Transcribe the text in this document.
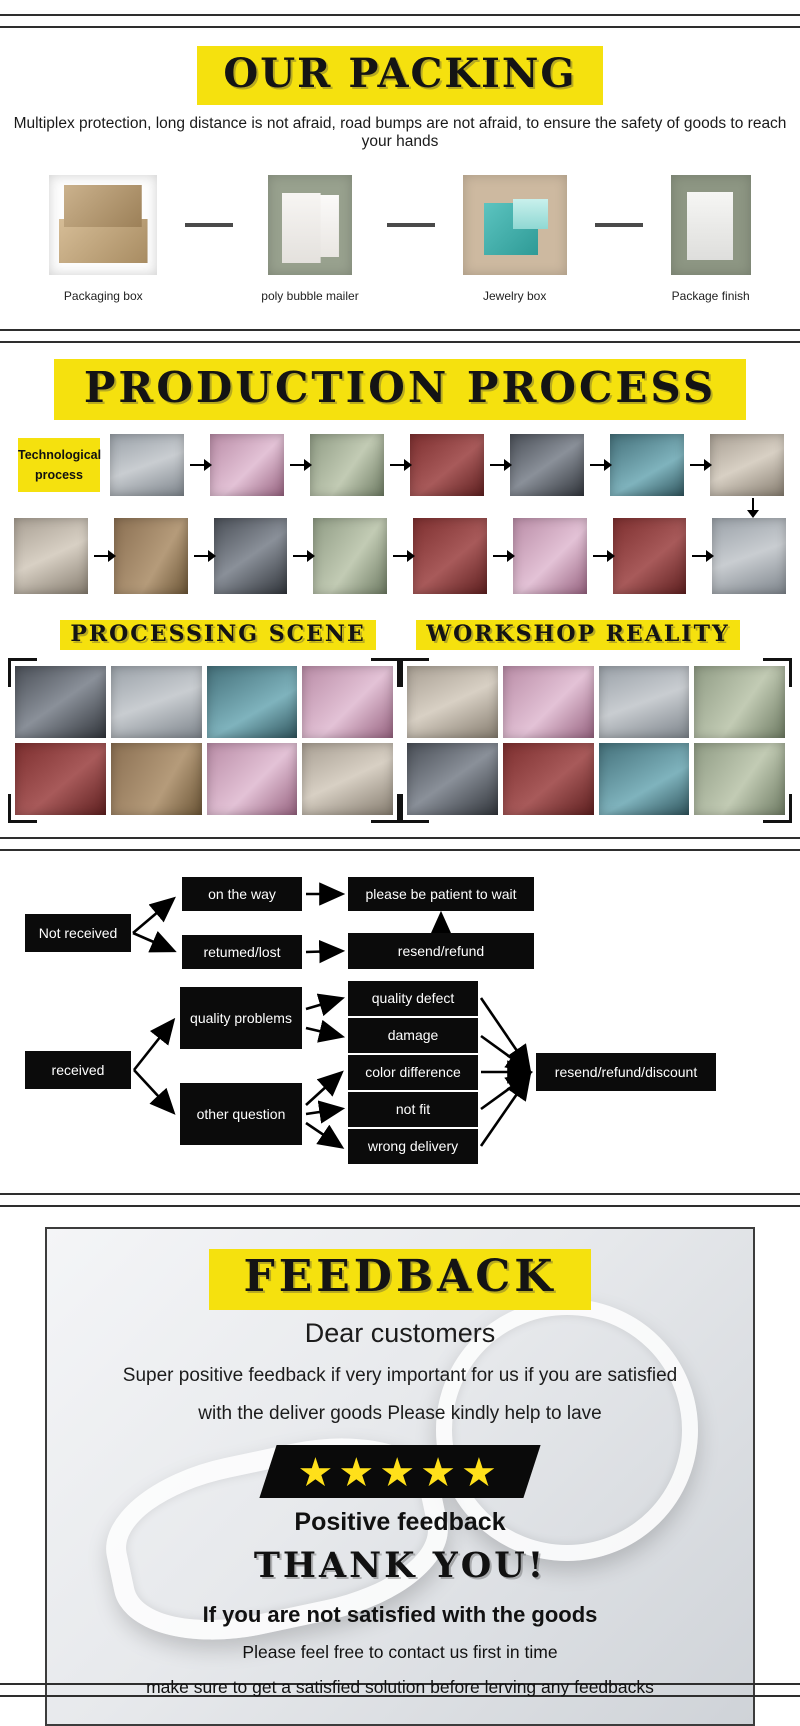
OUR PACKING
Multiplex protection, long distance is not afraid, road bumps are not afraid, to ensure the safety of goods to reach your hands
Packaging box	poly bubble mailer	Jewelry box	Package finish
PRODUCTION PROCESS
Technological
process
PROCESSING SCENE	WORKSHOP REALITY
on the way	please be patient to wait
Not received
retumed/lost	resend/refund
quality problems
quality defect
damage
received	color difference
other question	not fit
wrong delivery
resend/refund/discount
FEEDBACK
Dear customers
Super positive feedback if very important for us if you are satisfied
with the deliver goods Please kindly help to lave
★★★★★
Positive feedback
THANK YOU!
If you are not satisfied with the goods
Please feel free to contact us first in time
make sure to get a satisfied solution before lerving any feedbacks
